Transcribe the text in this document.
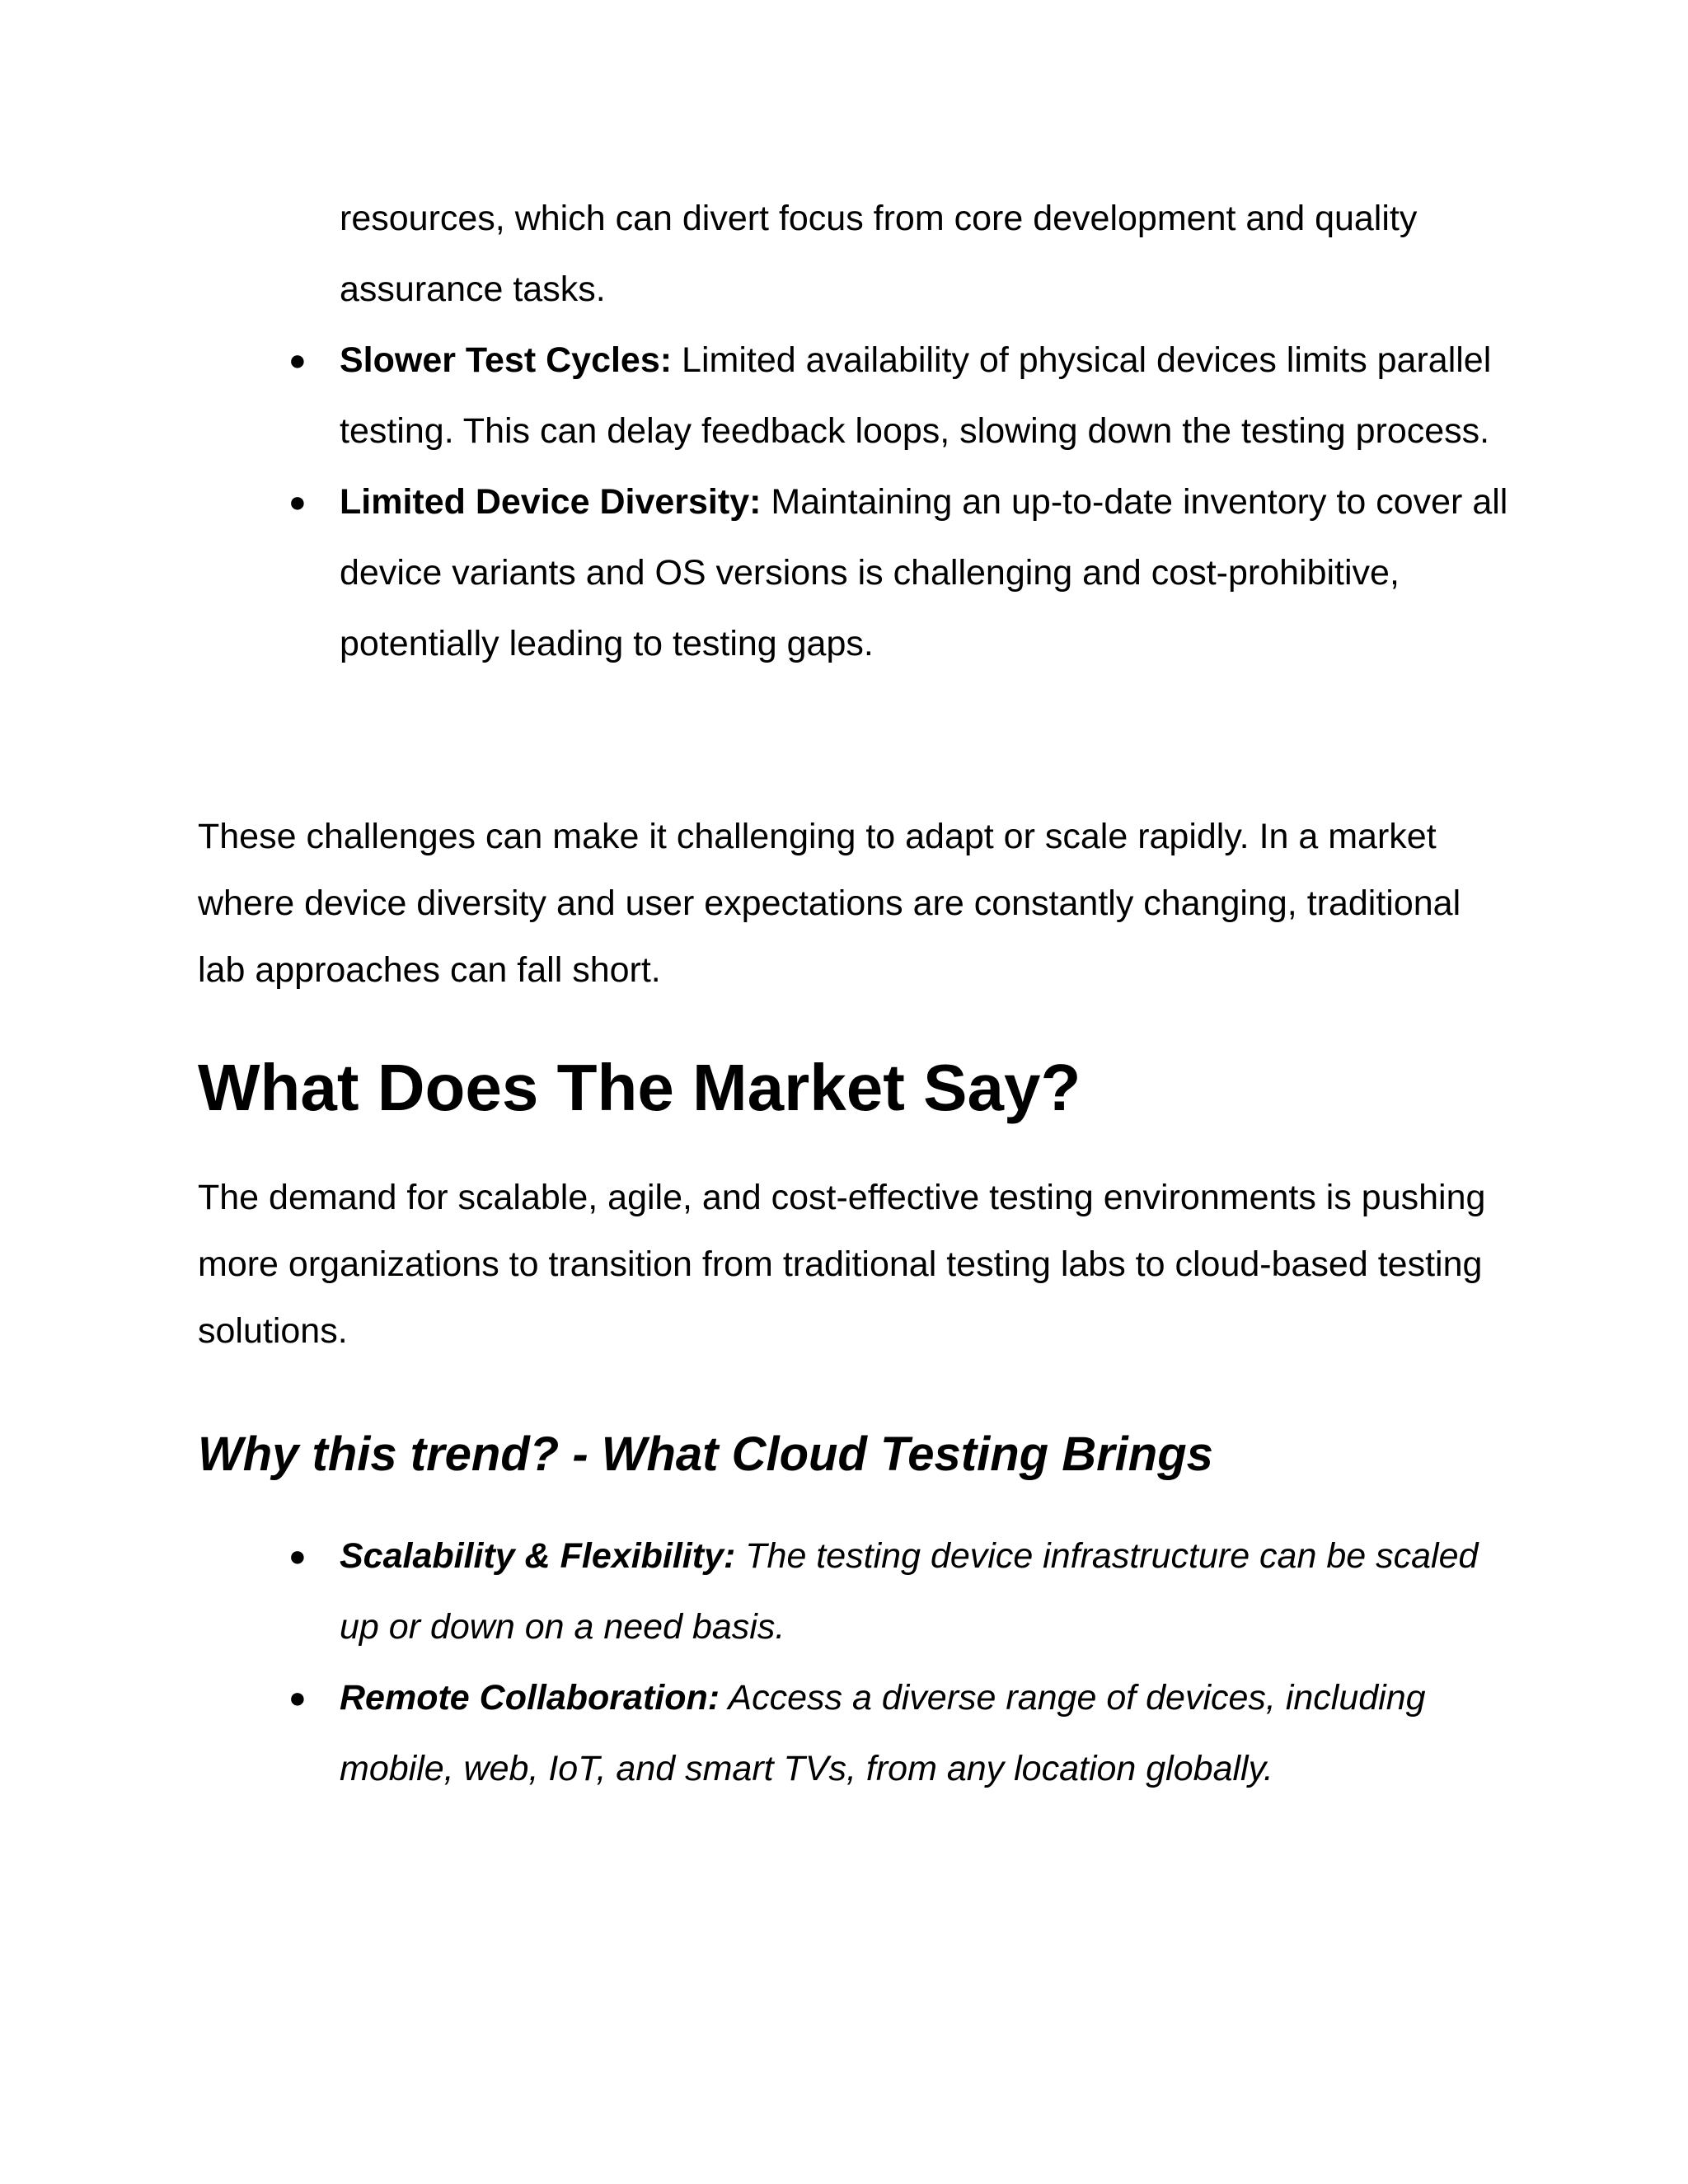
resources, which can divert focus from core development and quality assurance tasks.
● Slower Test Cycles: Limited availability of physical devices limits parallel testing. This can delay feedback loops, slowing down the testing process.
● Limited Device Diversity: Maintaining an up-to-date inventory to cover all device variants and OS versions is challenging and cost-prohibitive, potentially leading to testing gaps.

These challenges can make it challenging to adapt or scale rapidly. In a market where device diversity and user expectations are constantly changing, traditional lab approaches can fall short.

What Does The Market Say?

The demand for scalable, agile, and cost-effective testing environments is pushing more organizations to transition from traditional testing labs to cloud-based testing solutions.

Why this trend? - What Cloud Testing Brings
● Scalability & Flexibility: The testing device infrastructure can be scaled up or down on a need basis.
● Remote Collaboration: Access a diverse range of devices, including mobile, web, IoT, and smart TVs, from any location globally.
